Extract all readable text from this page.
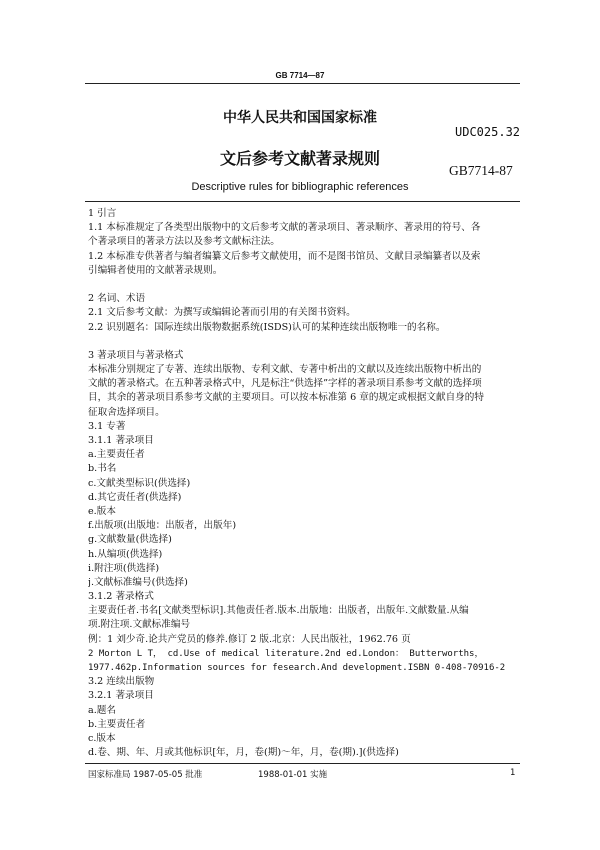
GB 7714—87
中华人民共和国国家标准
UDC025.32
文后参考文献著录规则
GB7714-87
Descriptive rules for bibliographic references
1 引言
1.1 本标准规定了各类型出版物中的文后参考文献的著录项目、著录顺序、著录用的符号、各
个著录项目的著录方法以及参考文献标注法。
1.2 本标准专供著者与编者编纂文后参考文献使用，而不是图书馆员、文献目录编纂者以及索
引编辑者使用的文献著录规则。
2 名词、术语
2.1 文后参考文献：为撰写或编辑论著而引用的有关图书资料。
2.2 识别题名：国际连续出版物数据系统(ISDS)认可的某种连续出版物唯一的名称。
3 著录项目与著录格式
本标准分别规定了专著、连续出版物、专利文献、专著中析出的文献以及连续出版物中析出的
文献的著录格式。在五种著录格式中，凡是标注“供选择”字样的著录项目系参考文献的选择项
目，其余的著录项目系参考文献的主要项目。可以按本标准第 6 章的规定或根据文献自身的特
征取舍选择项目。
3.1 专著
3.1.1 著录项目
a.主要责任者
b.书名
c.文献类型标识(供选择)
d.其它责任者(供选择)
e.版本
f.出版项(出版地：出版者，出版年)
g.文献数量(供选择)
h.从编项(供选择)
i.附注项(供选择)
j.文献标准编号(供选择)
3.1.2 著录格式
主要责任者.书名[文献类型标识].其他责任者.版本.出版地：出版者，出版年.文献数量.从编
项.附注项.文献标准编号
例：1 刘少奇.论共产党员的修养.修订 2 版.北京：人民出版社，1962.76 页
2 Morton L T， cd.Use of medical literature.2nd ed.London： Butterworths，
1977.462p.Information sources for fesearch.And development.ISBN 0-408-70916-2
3.2 连续出版物
3.2.1 著录项目
a.题名
b.主要责任者
c.版本
d.卷、期、年、月或其他标识[年，月，卷(期)～年，月，卷(期).](供选择)
国家标准局 1987-05-05 批准	1988-01-01 实施	1
